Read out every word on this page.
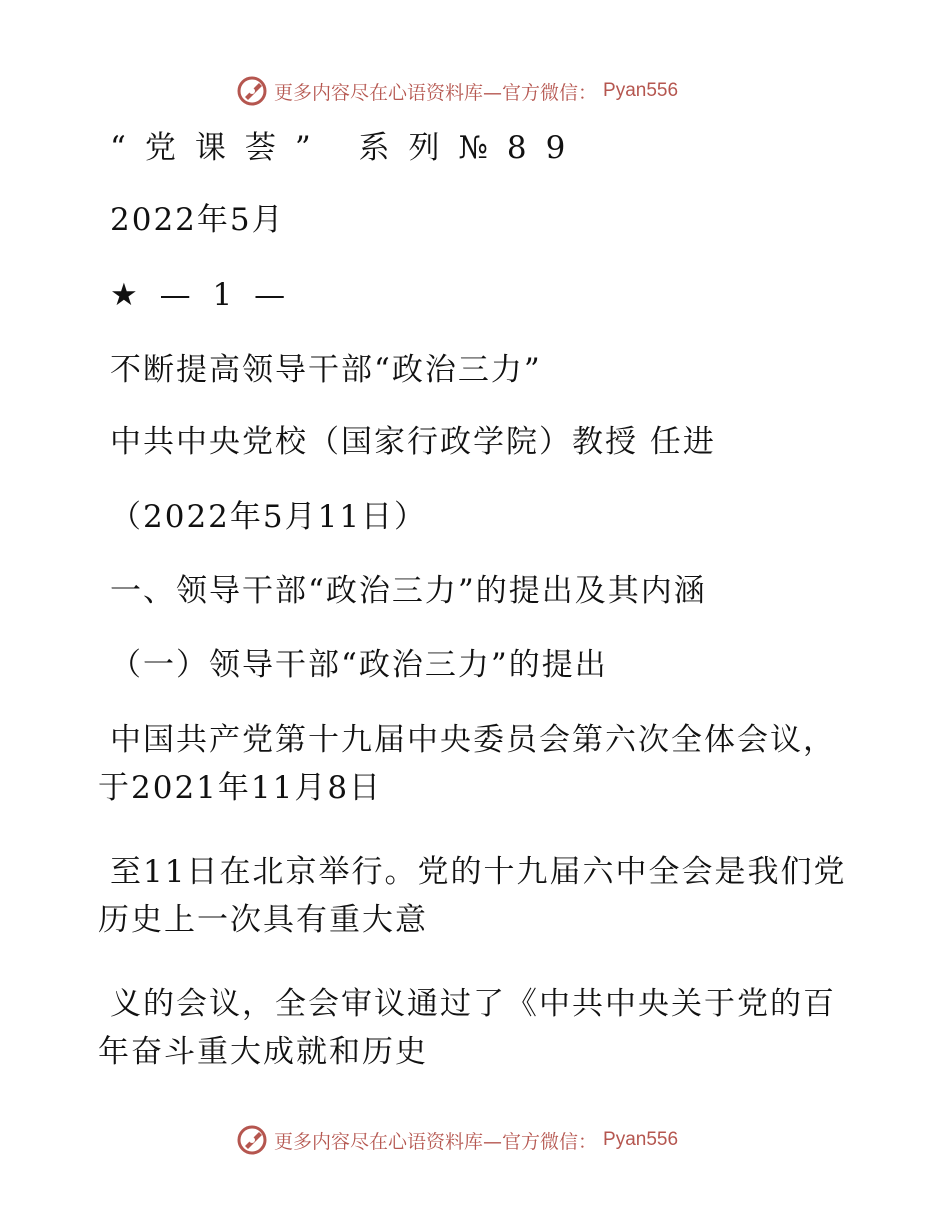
更多内容尽在心语资料库—官方微信： Pyan556
“党课荟” 系列№89
2022年5月
★ — 1 —
不断提高领导干部“政治三力”
中共中央党校（国家行政学院）教授 任进
（2022年5月11日）
一、领导干部“政治三力”的提出及其内涵
（一）领导干部“政治三力”的提出
中国共产党第十九届中央委员会第六次全体会议，于2021年11月8日
至11日在北京举行。党的十九届六中全会是我们党历史上一次具有重大意
义的会议，全会审议通过了《中共中央关于党的百年奋斗重大成就和历史
更多内容尽在心语资料库—官方微信： Pyan556
